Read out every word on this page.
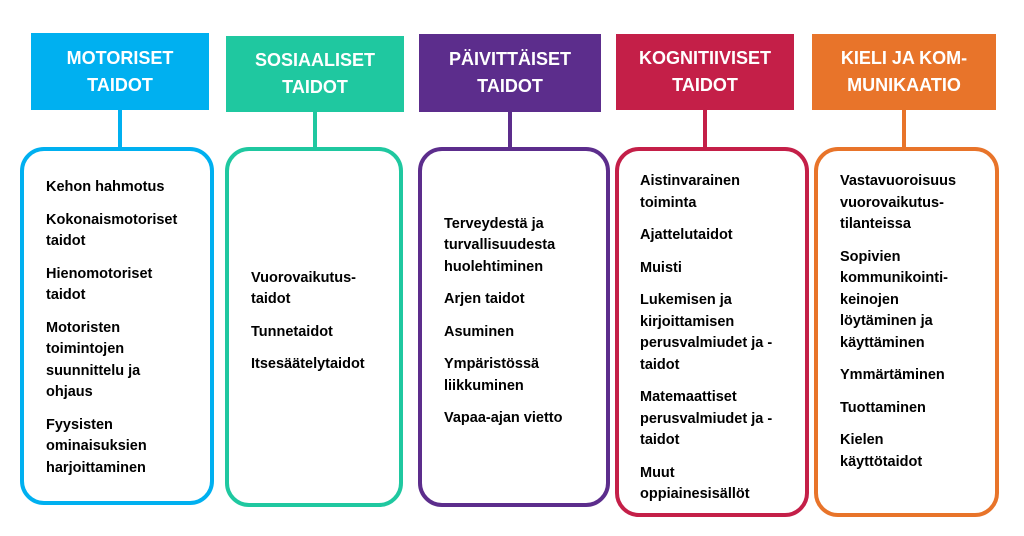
MOTORISET
TAIDOT
Kehon hahmotus
Kokonaismotoriset
taidot
Hienomotoriset
taidot
Motoristen
toimintojen
suunnittelu ja
ohjaus
Fyysisten
ominaisuksien
harjoittaminen
SOSIAALISET
TAIDOT
Vuorovaikutus-
taidot
Tunnetaidot
Itsesäätelytaidot
PÄIVITTÄISET
TAIDOT
Terveydestä ja
turvallisuudesta
huolehtiminen
Arjen taidot
Asuminen
Ympäristössä
liikkuminen
Vapaa-ajan vietto
KOGNITIIVISET
TAIDOT
Aistinvarainen
toiminta
Ajattelutaidot
Muisti
Lukemisen ja
kirjoittamisen
perusvalmiudet ja -
taidot
Matemaattiset
perusvalmiudet ja -
taidot
Muut
oppiainesisällöt
KIELI JA KOM-
MUNIKAATIO
Vastavuoroisuus
vuorovaikutus-
tilanteissa
Sopivien
kommunikointi-
keinojen
löytäminen ja
käyttäminen
Ymmärtäminen
Tuottaminen
Kielen
käyttötaidot
